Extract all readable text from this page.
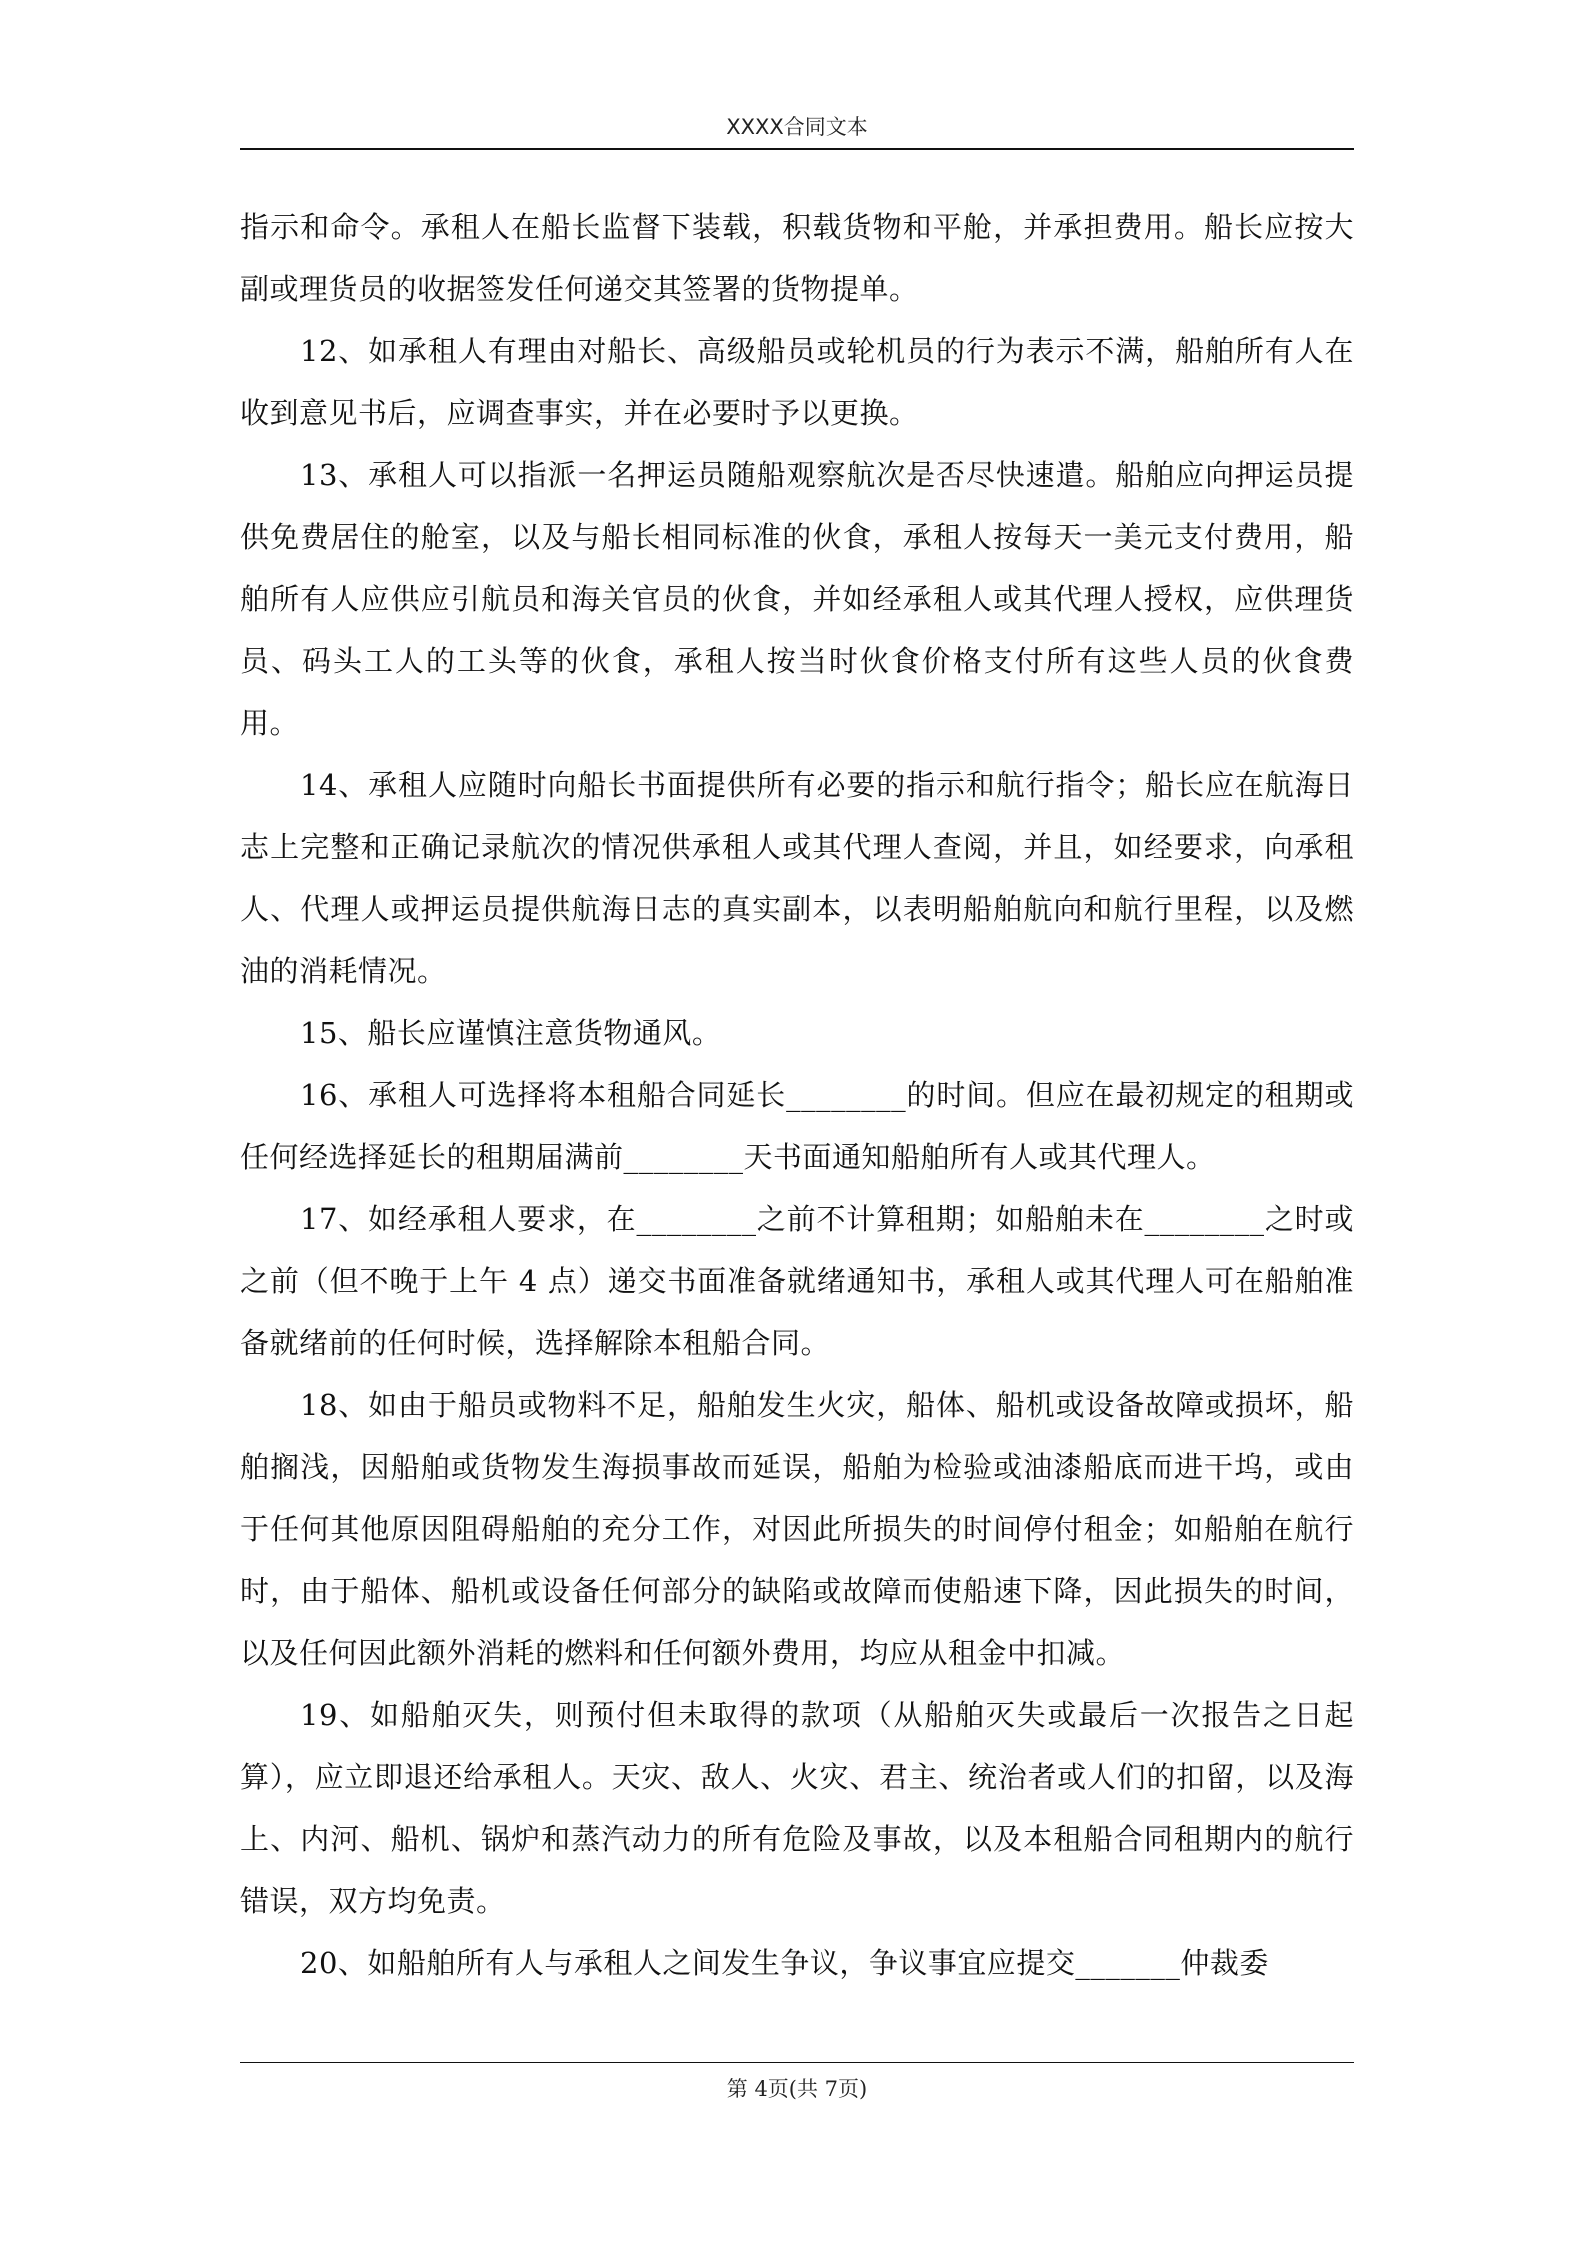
XXXX合同文本

指示和命令。承租人在船长监督下装载，积载货物和平舱，并承担费用。船长应按大副或理货员的收据签发任何递交其签署的货物提单。

12、如承租人有理由对船长、高级船员或轮机员的行为表示不满，船舶所有人在收到意见书后，应调查事实，并在必要时予以更换。

13、承租人可以指派一名押运员随船观察航次是否尽快速遣。船舶应向押运员提供免费居住的舱室，以及与船长相同标准的伙食，承租人按每天一美元支付费用，船舶所有人应供应引航员和海关官员的伙食，并如经承租人或其代理人授权，应供理货员、码头工人的工头等的伙食，承租人按当时伙食价格支付所有这些人员的伙食费用。

14、承租人应随时向船长书面提供所有必要的指示和航行指令；船长应在航海日志上完整和正确记录航次的情况供承租人或其代理人查阅，并且，如经要求，向承租人、代理人或押运员提供航海日志的真实副本，以表明船舶航向和航行里程，以及燃油的消耗情况。

15、船长应谨慎注意货物通风。

16、承租人可选择将本租船合同延长________的时间。但应在最初规定的租期或任何经选择延长的租期届满前________天书面通知船舶所有人或其代理人。

17、如经承租人要求，在________之前不计算租期；如船舶未在________之时或之前（但不晚于上午 4 点）递交书面准备就绪通知书，承租人或其代理人可在船舶准备就绪前的任何时候，选择解除本租船合同。

18、如由于船员或物料不足，船舶发生火灾，船体、船机或设备故障或损坏，船舶搁浅，因船舶或货物发生海损事故而延误，船舶为检验或油漆船底而进干坞，或由于任何其他原因阻碍船舶的充分工作，对因此所损失的时间停付租金；如船舶在航行时，由于船体、船机或设备任何部分的缺陷或故障而使船速下降，因此损失的时间，以及任何因此额外消耗的燃料和任何额外费用，均应从租金中扣减。

19、如船舶灭失，则预付但未取得的款项（从船舶灭失或最后一次报告之日起算），应立即退还给承租人。天灾、敌人、火灾、君主、统治者或人们的扣留，以及海上、内河、船机、锅炉和蒸汽动力的所有危险及事故，以及本租船合同租期内的航行错误，双方均免责。

20、如船舶所有人与承租人之间发生争议，争议事宜应提交_______仲裁委

第 4页(共 7页)
